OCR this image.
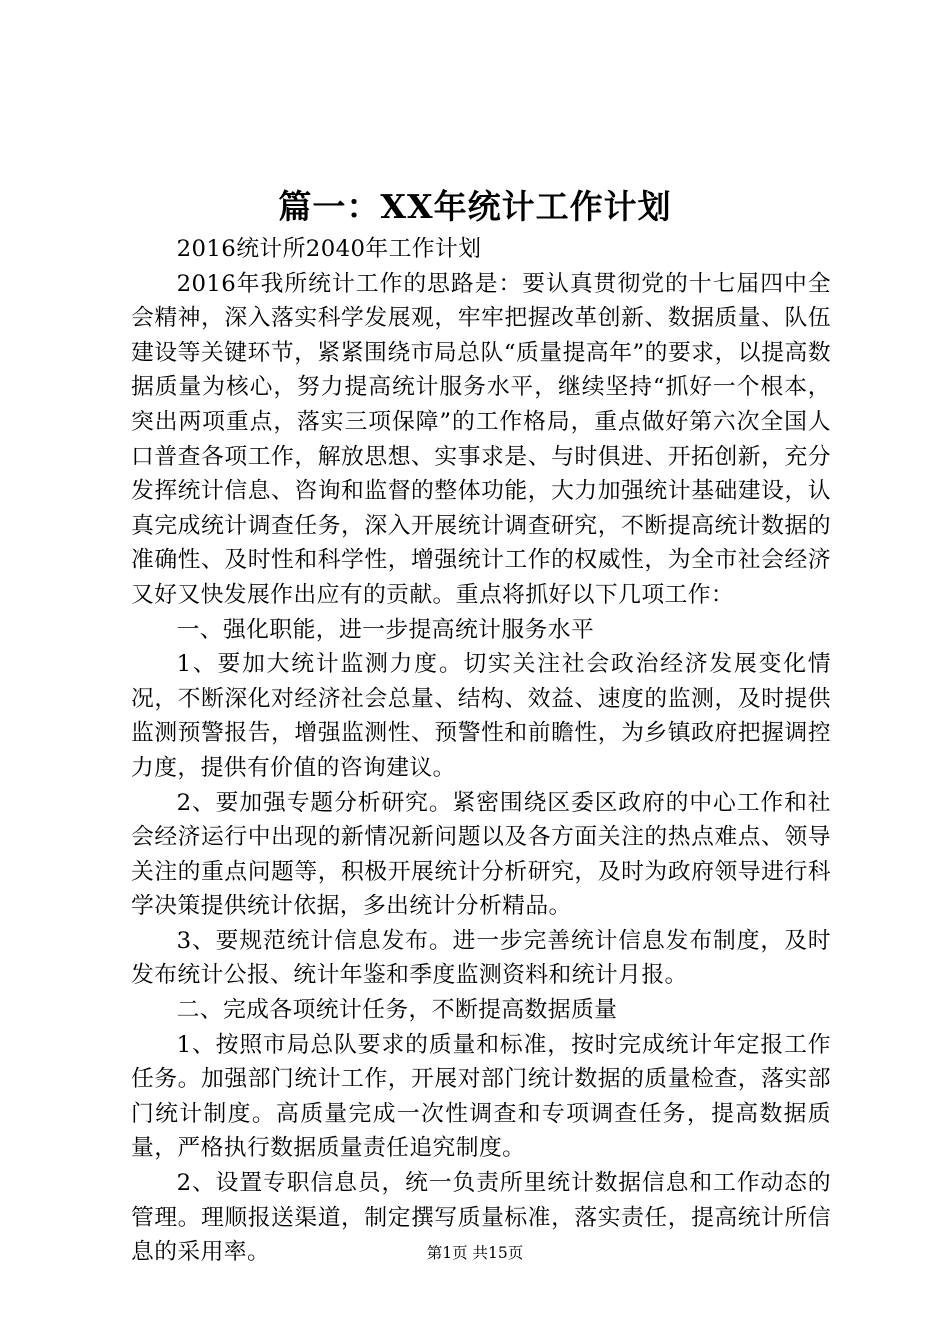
篇一：XX年统计工作计划

2016统计所2040年工作计划

2016年我所统计工作的思路是：要认真贯彻党的十七届四中全会精神，深入落实科学发展观，牢牢把握改革创新、数据质量、队伍建设等关键环节，紧紧围绕市局总队“质量提高年”的要求，以提高数据质量为核心，努力提高统计服务水平，继续坚持“抓好一个根本，突出两项重点，落实三项保障”的工作格局，重点做好第六次全国人口普查各项工作，解放思想、实事求是、与时俱进、开拓创新，充分发挥统计信息、咨询和监督的整体功能，大力加强统计基础建设，认真完成统计调查任务，深入开展统计调查研究，不断提高统计数据的准确性、及时性和科学性，增强统计工作的权威性，为全市社会经济又好又快发展作出应有的贡献。重点将抓好以下几项工作：

一、强化职能，进一步提高统计服务水平

1、要加大统计监测力度。切实关注社会政治经济发展变化情况，不断深化对经济社会总量、结构、效益、速度的监测，及时提供监测预警报告，增强监测性、预警性和前瞻性，为乡镇政府把握调控力度，提供有价值的咨询建议。

2、要加强专题分析研究。紧密围绕区委区政府的中心工作和社会经济运行中出现的新情况新问题以及各方面关注的热点难点、领导关注的重点问题等，积极开展统计分析研究，及时为政府领导进行科学决策提供统计依据，多出统计分析精品。

3、要规范统计信息发布。进一步完善统计信息发布制度，及时发布统计公报、统计年鉴和季度监测资料和统计月报。

二、完成各项统计任务，不断提高数据质量

1、按照市局总队要求的质量和标准，按时完成统计年定报工作任务。加强部门统计工作，开展对部门统计数据的质量检查，落实部门统计制度。高质量完成一次性调查和专项调查任务，提高数据质量，严格执行数据质量责任追究制度。

2、设置专职信息员，统一负责所里统计数据信息和工作动态的管理。理顺报送渠道，制定撰写质量标准，落实责任，提高统计所信息的采用率。	第1页 共15页
